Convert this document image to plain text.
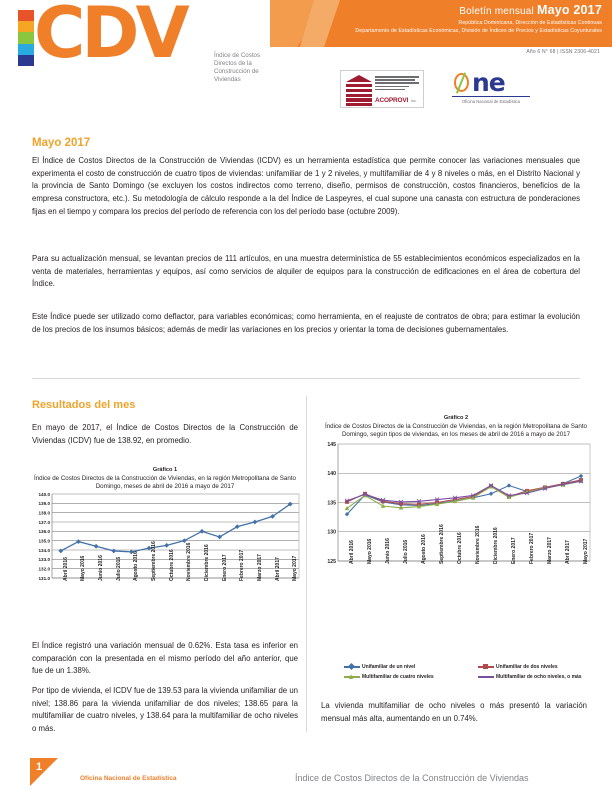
Boletín mensual Mayo 2017
República Dominicana, Dirección de Estadísticas Continuas
Departamento de Estadísticas Económicas, División de Índices de Precios y Estadísticas Coyunturales
Año 6 N° 68 | ISSN 2306-4021
CDV	Índice de Costos Directos de la Construcción de Viviendas
ACOPROVI Inc.
ne
Oficina Nacional de Estadística
Mayo 2017
El Índice de Costos Directos de la Construcción de Viviendas (ICDV) es un herramienta estadística que permite conocer las variaciones mensuales que experimenta el costo de construcción de cuatro tipos de viviendas: unifamiliar de 1 y 2 niveles, y multifamiliar de 4 y 8 niveles o más, en el Distrito Nacional y la provincia de Santo Domingo (se excluyen los costos indirectos como terreno, diseño, permisos de construcción, costos financieros, beneficios de la empresa constructora, etc.). Su metodología de cálculo responde a la del Índice de Laspeyres, el cual supone una canasta con estructura de ponderaciones fijas en el tiempo y compara los precios del período de referencia con los del período base (octubre 2009).
Para su actualización mensual, se levantan precios de 111 artículos, en una muestra determinística de 55 establecimientos económicos especializados en la venta de materiales, herramientas y equipos, así como servicios de alquiler de equipos para la construcción de edificaciones en el área de cobertura del Índice.
Este Índice puede ser utilizado como deflactor, para variables económicas; como herramienta, en el reajuste de contratos de obra; para estimar la evolución de los precios de los insumos básicos; además de medir las variaciones en los precios y orientar la toma de decisiones gubernamentales.
Resultados del mes
En mayo de 2017, el Índice de Costos Directos de la Construcción de Viviendas (ICDV) fue de 138.92, en promedio.
El Índice registró una variación mensual de 0.62%. Esta tasa es inferior en comparación con la presentada en el mismo período del año anterior, que fue de un 1.38%.
Por tipo de vivienda, el ICDV fue de 139.53 para la vivienda unifamiliar de un nivel; 138.86 para la vivienda unifamiliar de dos niveles; 138.65 para la multifamiliar de cuatro niveles, y 138.64 para la multifamiliar de ocho niveles o más.
La vivienda multifamiliar de ocho niveles o más presentó la variación mensual más alta, aumentando en un 0.74%.
Gráfico 1
Índice de Costos Directos de la Construcción de Viviendas, en la región Metropolitana de Santo Domingo, meses de abril de 2016 a mayo de 2017
140.0
139.0
138.0
137.0
136.0
135.0
134.0
133.0
132.0
131.0	Abril 2016 Mayo 2016 Junio 2016 Julio 2016 Agosto 2016 Septiembre 2016 Octubre 2016 Noviembre 2016 Diciembre 2016 Enero 2017 Febrero 2017 Marzo 2017 Abril 2017 Mayo 2017
Gráfico 2
Índice de Costos Directos de la Construcción de Viviendas, en la región Metropolitana de Santo Domingo, según tipos de viviendas, en los meses de abril de 2016 a mayo de 2017
145
140
135
130
125	Abril 2016 Mayo 2016 Junio 2016 Julio 2016 Agosto 2016 Septiembre 2016 Octubre 2016 Noviembre 2016 Diciembre 2016 Enero 2017 Febrero 2017 Marzo 2017 Abril 2017 Mayo 2017
Unifamiliar de un nivel	Unifamiliar de dos niveles
Multifamiliar de cuatro niveles	Multifamiliar de ocho niveles, o más
1
Oficina Nacional de Estadística	Índice de Costos Directos de la Construcción de Viviendas
